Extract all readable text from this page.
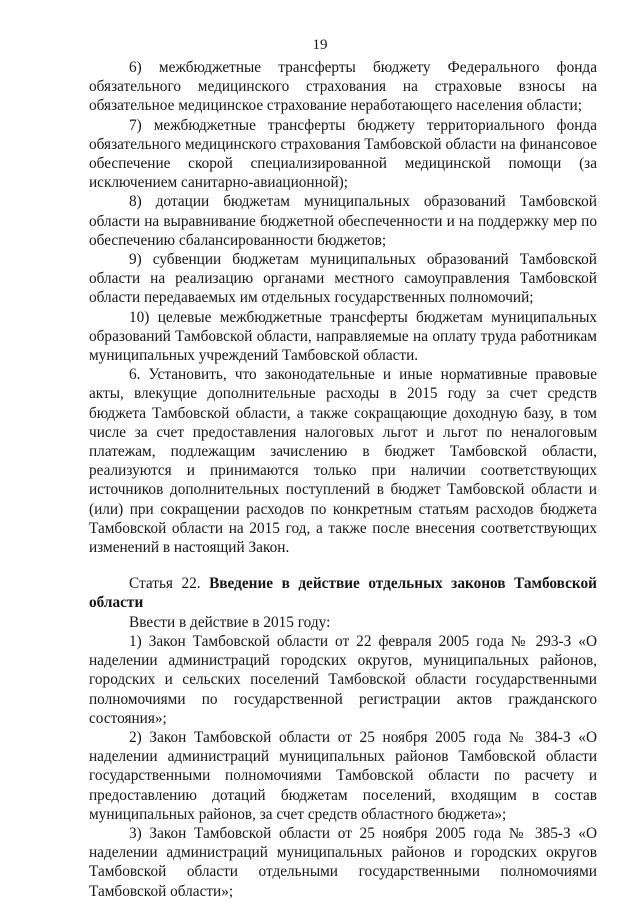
19

6) межбюджетные трансферты бюджету Федерального фонда обязательного медицинского страхования на страховые взносы на обязательное медицинское страхование неработающего населения области;

7) межбюджетные трансферты бюджету территориального фонда обязательного медицинского страхования Тамбовской области на финансовое обеспечение скорой специализированной медицинской помощи (за исключением санитарно-авиационной);

8) дотации бюджетам муниципальных образований Тамбовской области на выравнивание бюджетной обеспеченности и на поддержку мер по обеспечению сбалансированности бюджетов;

9) субвенции бюджетам муниципальных образований Тамбовской области на реализацию органами местного самоуправления Тамбовской области передаваемых им отдельных государственных полномочий;

10) целевые межбюджетные трансферты бюджетам муниципальных образований Тамбовской области, направляемые на оплату труда работникам муниципальных учреждений Тамбовской области.

6. Установить, что законодательные и иные нормативные правовые акты, влекущие дополнительные расходы в 2015 году за счет средств бюджета Тамбовской области, а также сокращающие доходную базу, в том числе за счет предоставления налоговых льгот и льгот по неналоговым платежам, подлежащим зачислению в бюджет Тамбовской области, реализуются и принимаются только при наличии соответствующих источников дополнительных поступлений в бюджет Тамбовской области и (или) при сокращении расходов по конкретным статьям расходов бюджета Тамбовской области на 2015 год, а также после внесения соответствующих изменений в настоящий Закон.

Статья 22. Введение в действие отдельных законов Тамбовской области

Ввести в действие в 2015 году:

1) Закон Тамбовской области от 22 февраля 2005 года № 293-З «О наделении администраций городских округов, муниципальных районов, городских и сельских поселений Тамбовской области государственными полномочиями по государственной регистрации актов гражданского состояния»;

2) Закон Тамбовской области от 25 ноября 2005 года № 384-З «О наделении администраций муниципальных районов Тамбовской области государственными полномочиями Тамбовской области по расчету и предоставлению дотаций бюджетам поселений, входящим в состав муниципальных районов, за счет средств областного бюджета»;

3) Закон Тамбовской области от 25 ноября 2005 года № 385-З «О наделении администраций муниципальных районов и городских округов Тамбовской области отдельными государственными полномочиями Тамбовской области»;
